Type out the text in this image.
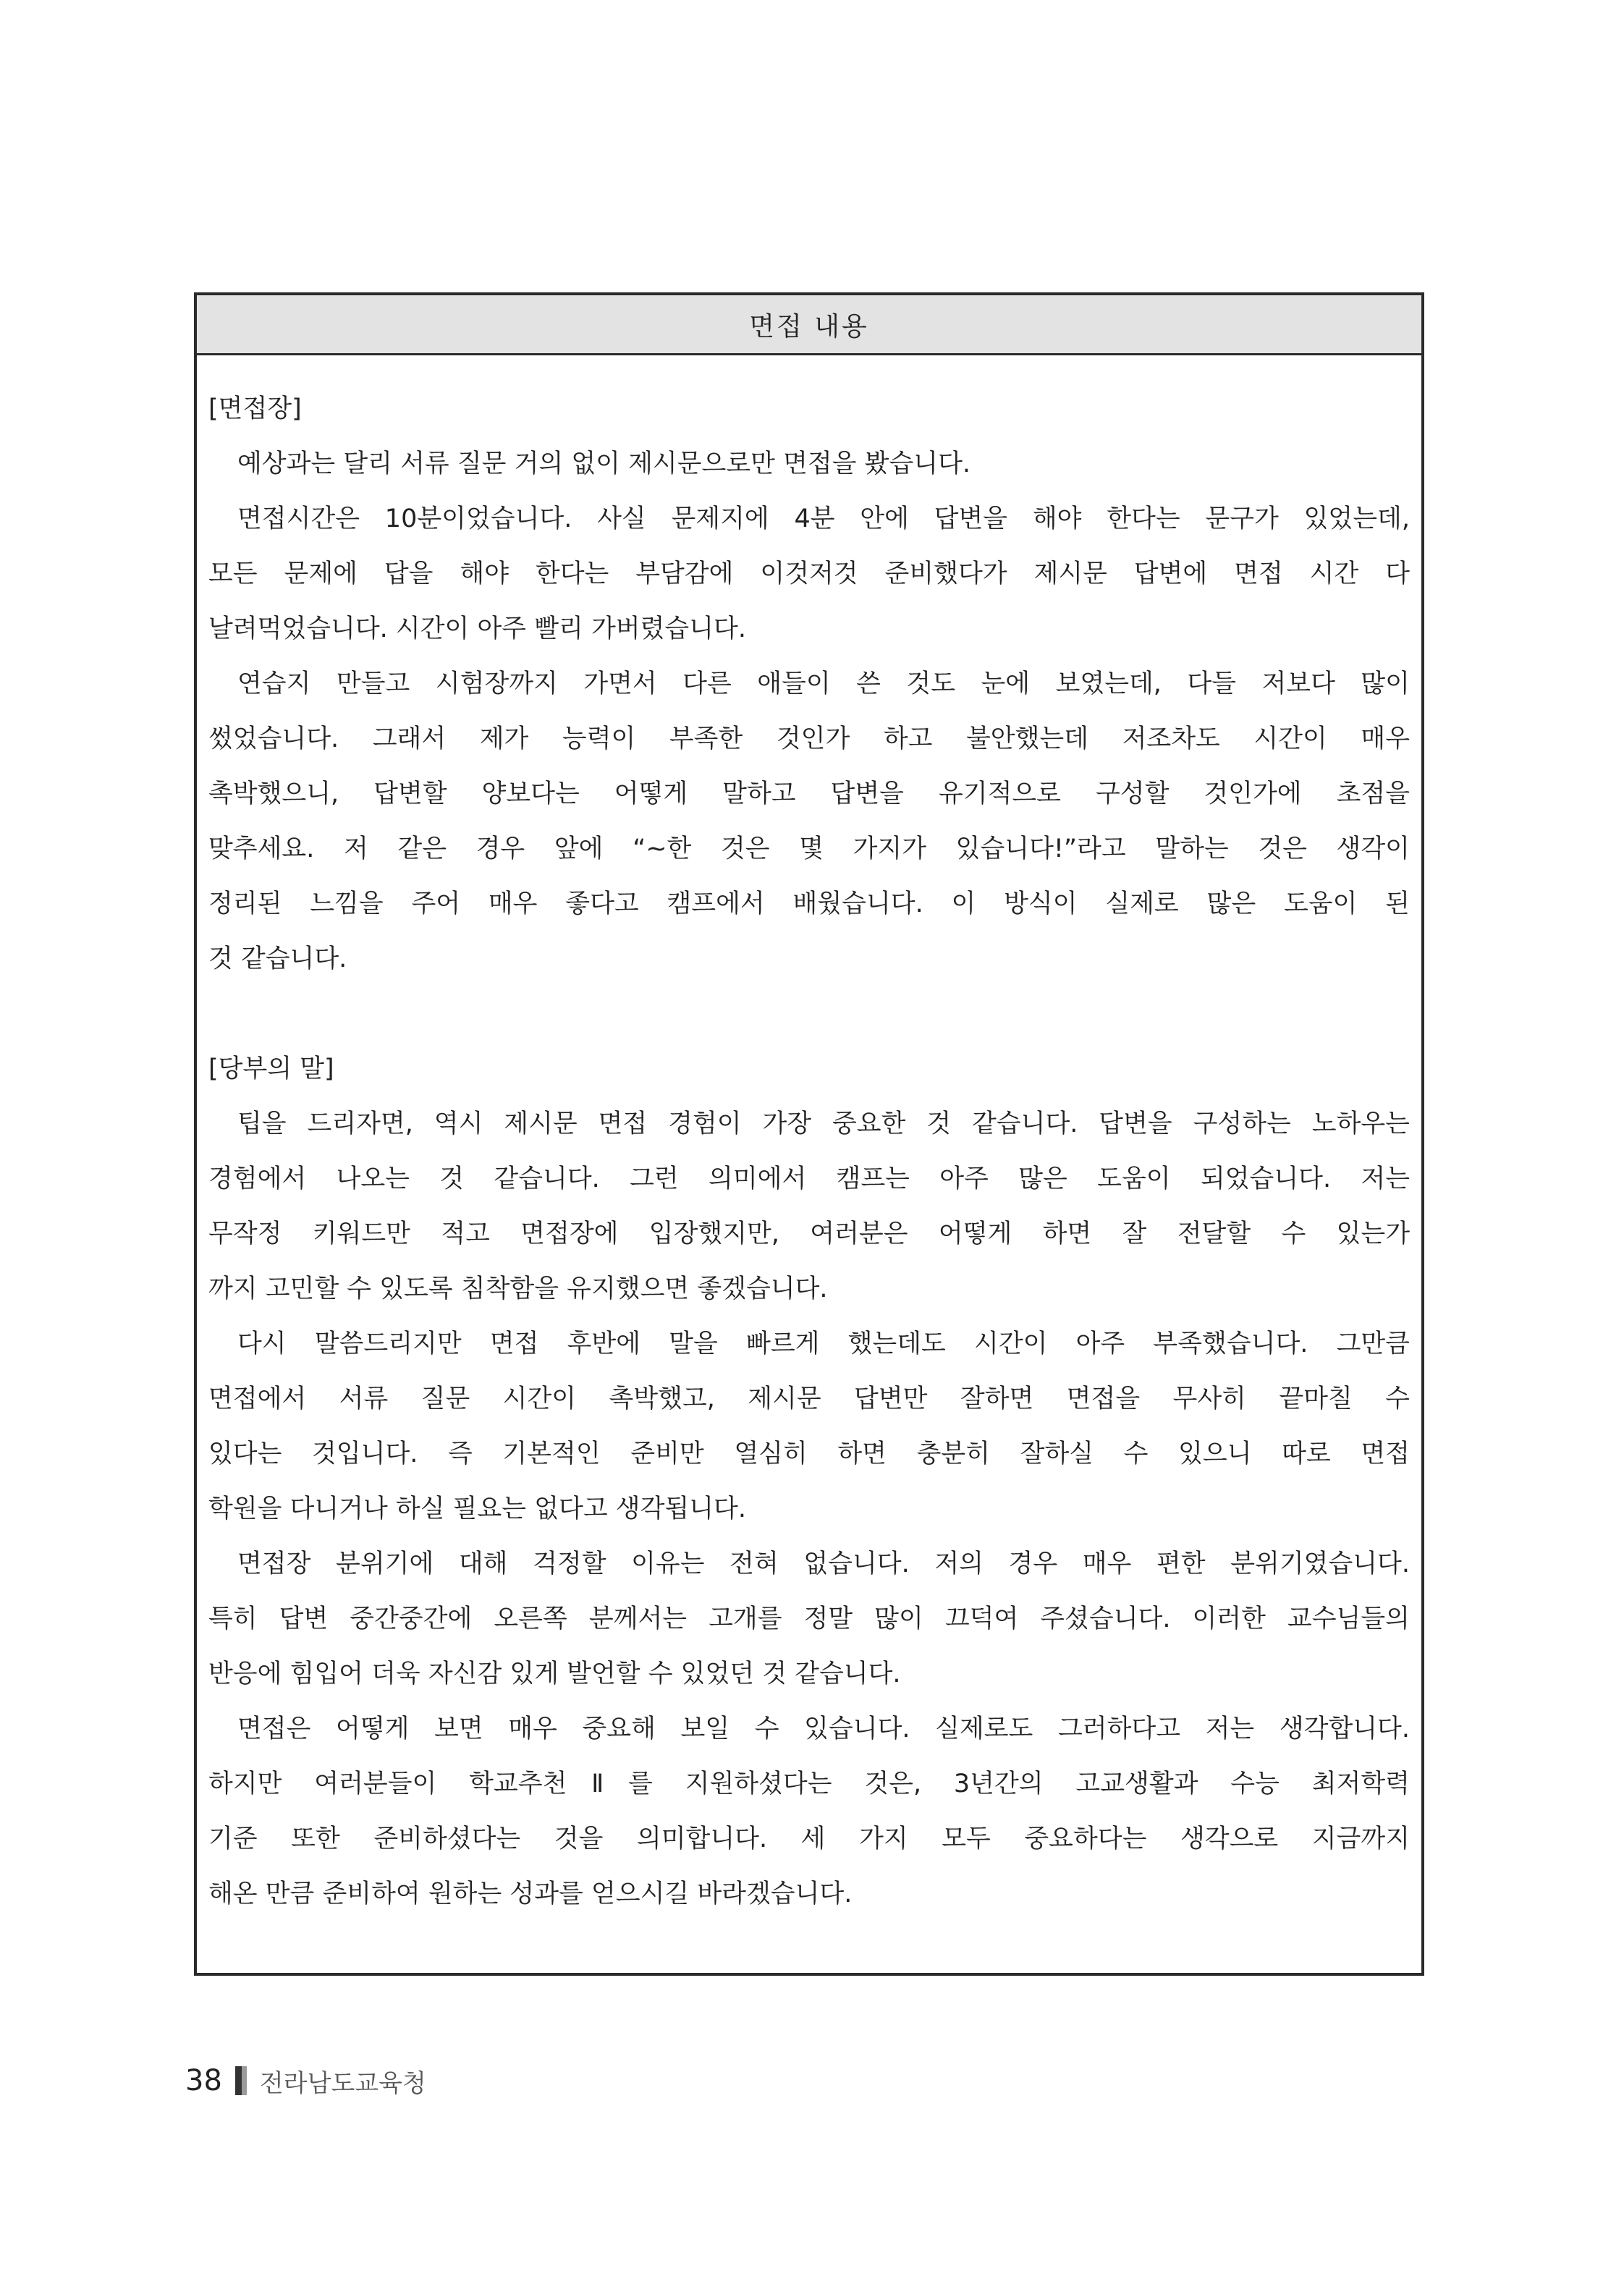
면접 내용
[면접장]
예상과는 달리 서류 질문 거의 없이 제시문으로만 면접을 봤습니다.
면접시간은 10분이었습니다. 사실 문제지에 4분 안에 답변을 해야 한다는 문구가 있었는데,
모든 문제에 답을 해야 한다는 부담감에 이것저것 준비했다가 제시문 답변에 면접 시간 다
날려먹었습니다. 시간이 아주 빨리 가버렸습니다.
연습지 만들고 시험장까지 가면서 다른 애들이 쓴 것도 눈에 보였는데, 다들 저보다 많이
썼었습니다. 그래서 제가 능력이 부족한 것인가 하고 불안했는데 저조차도 시간이 매우
촉박했으니, 답변할 양보다는 어떻게 말하고 답변을 유기적으로 구성할 것인가에 초점을
맞추세요. 저 같은 경우 앞에 “~한 것은 몇 가지가 있습니다!”라고 말하는 것은 생각이
정리된 느낌을 주어 매우 좋다고 캠프에서 배웠습니다. 이 방식이 실제로 많은 도움이 된
것 같습니다.
[당부의 말]
팁을 드리자면, 역시 제시문 면접 경험이 가장 중요한 것 같습니다. 답변을 구성하는 노하우는
경험에서 나오는 것 같습니다. 그런 의미에서 캠프는 아주 많은 도움이 되었습니다. 저는
무작정 키워드만 적고 면접장에 입장했지만, 여러분은 어떻게 하면 잘 전달할 수 있는가
까지 고민할 수 있도록 침착함을 유지했으면 좋겠습니다.
다시 말씀드리지만 면접 후반에 말을 빠르게 했는데도 시간이 아주 부족했습니다. 그만큼
면접에서 서류 질문 시간이 촉박했고, 제시문 답변만 잘하면 면접을 무사히 끝마칠 수
있다는 것입니다. 즉 기본적인 준비만 열심히 하면 충분히 잘하실 수 있으니 따로 면접
학원을 다니거나 하실 필요는 없다고 생각됩니다.
면접장 분위기에 대해 걱정할 이유는 전혀 없습니다. 저의 경우 매우 편한 분위기였습니다.
특히 답변 중간중간에 오른쪽 분께서는 고개를 정말 많이 끄덕여 주셨습니다. 이러한 교수님들의
반응에 힘입어 더욱 자신감 있게 발언할 수 있었던 것 같습니다.
면접은 어떻게 보면 매우 중요해 보일 수 있습니다. 실제로도 그러하다고 저는 생각합니다.
하지만 여러분들이 학교추천Ⅱ를 지원하셨다는 것은, 3년간의 고교생활과 수능 최저학력
기준 또한 준비하셨다는 것을 의미합니다. 세 가지 모두 중요하다는 생각으로 지금까지
해온 만큼 준비하여 원하는 성과를 얻으시길 바라겠습니다.
38 전라남도교육청
